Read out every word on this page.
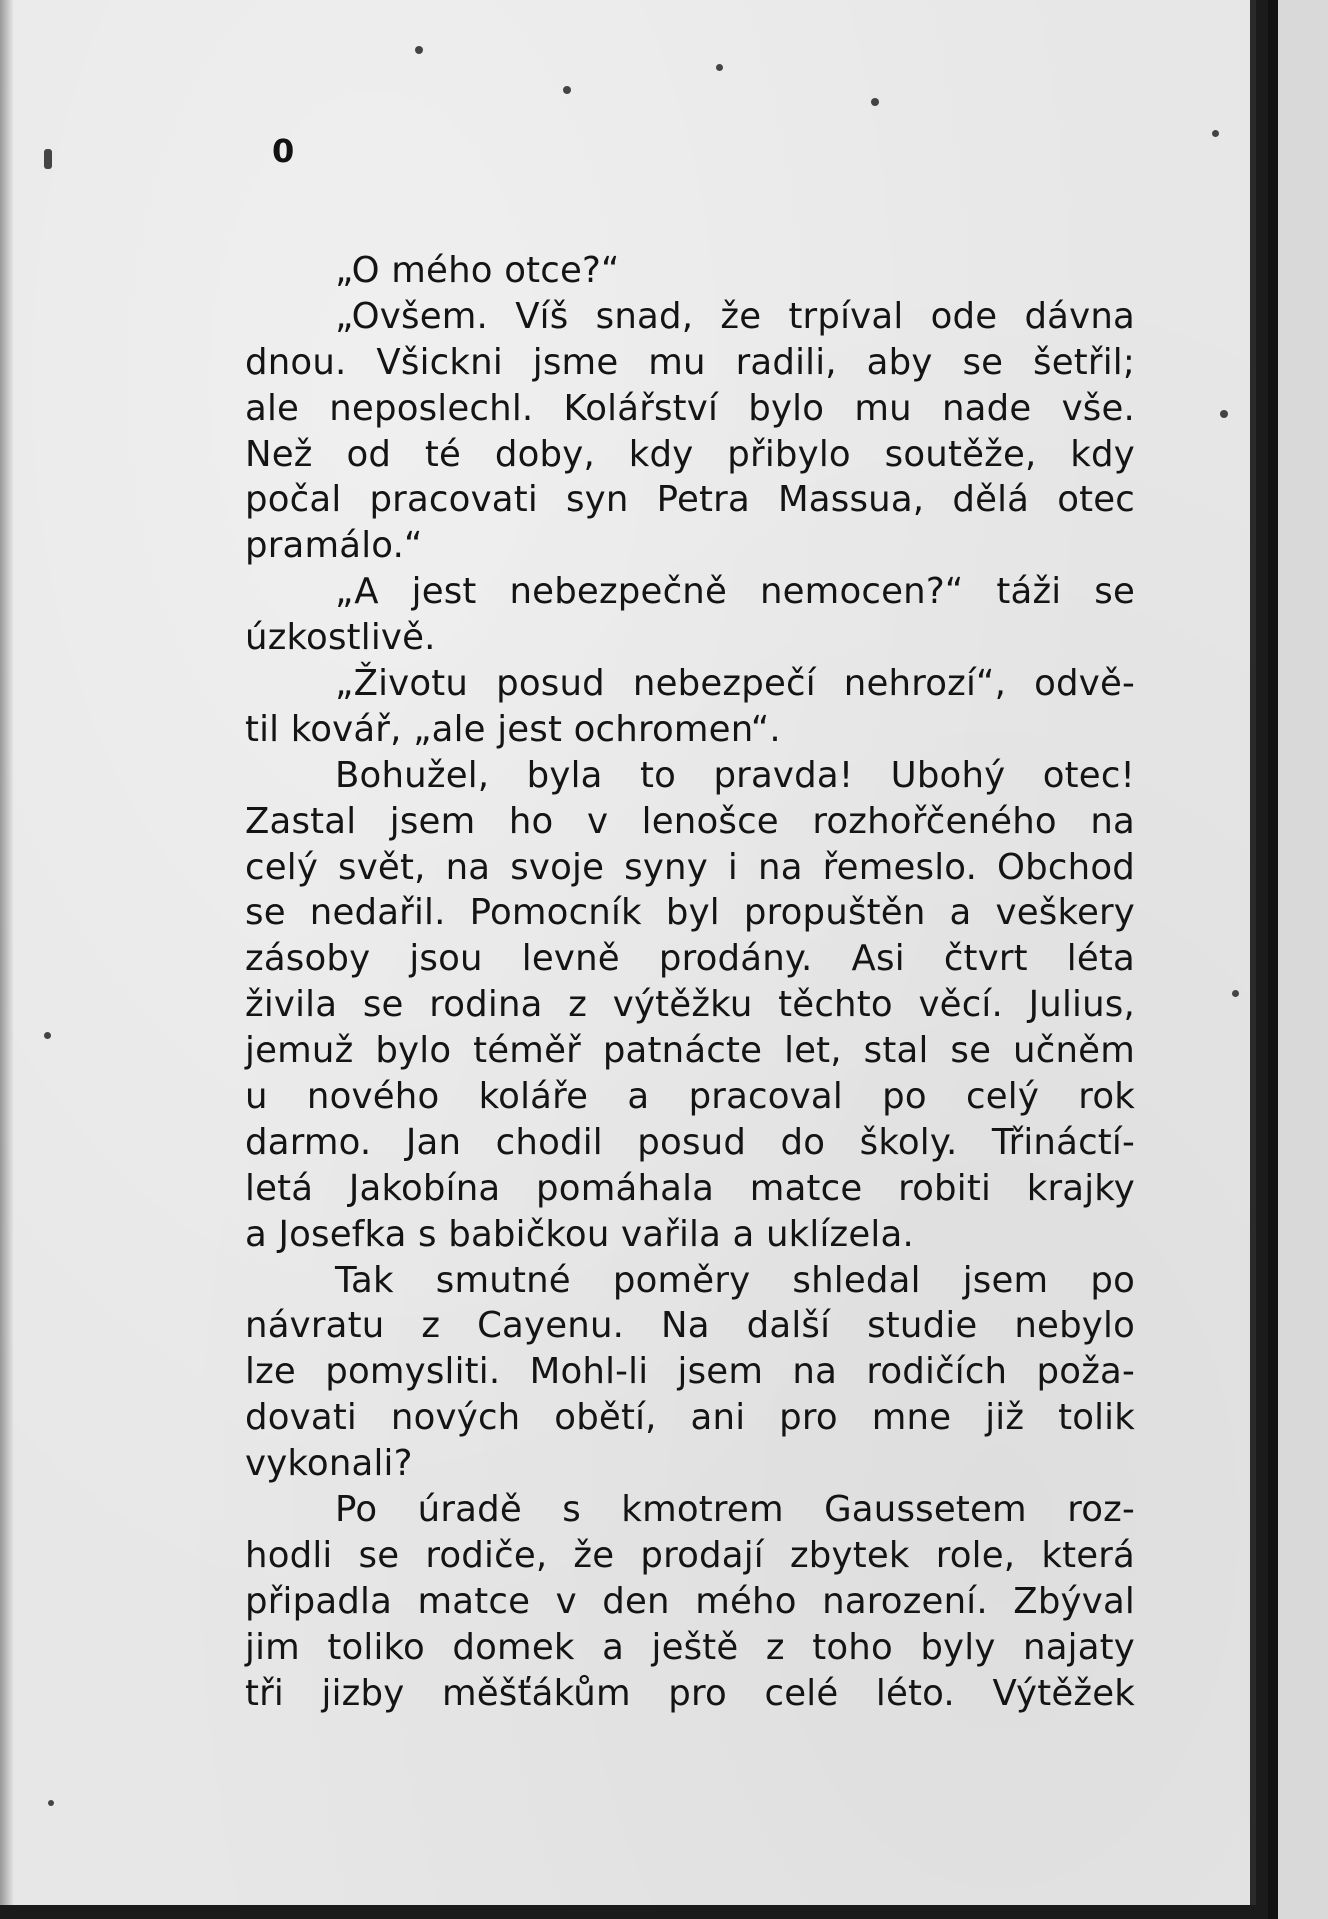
0
„O mého otce?“
„Ovšem. Víš snad, že trpíval ode dávna
dnou. Všickni jsme mu radili, aby se šetřil;
ale neposlechl. Kolářství bylo mu nade vše.
Než od té doby, kdy přibylo soutěže, kdy
počal pracovati syn Petra Massua, dělá otec
pramálo.“
„A jest nebezpečně nemocen?“ táži se
úzkostlivě.
„Životu posud nebezpečí nehrozí“, odvě-
til kovář, „ale jest ochromen“.
Bohužel, byla to pravda! Ubohý otec!
Zastal jsem ho v lenošce rozhořčeného na
celý svět, na svoje syny i na řemeslo. Obchod
se nedařil. Pomocník byl propuštěn a veškery
zásoby jsou levně prodány. Asi čtvrt léta
živila se rodina z výtěžku těchto věcí. Julius,
jemuž bylo téměř patnácte let, stal se učněm
u nového koláře a pracoval po celý rok
darmo. Jan chodil posud do školy. Třináctí-
letá Jakobína pomáhala matce robiti krajky
a Josefka s babičkou vařila a uklízela.
Tak smutné poměry shledal jsem po
návratu z Cayenu. Na další studie nebylo
lze pomysliti. Mohl-li jsem na rodičích poža-
dovati nových obětí, ani pro mne již tolik
vykonali?
Po úradě s kmotrem Gaussetem roz-
hodli se rodiče, že prodají zbytek role, která
připadla matce v den mého narození. Zbýval
jim toliko domek a ještě z toho byly najaty
tři jizby měšťákům pro celé léto. Výtěžek
